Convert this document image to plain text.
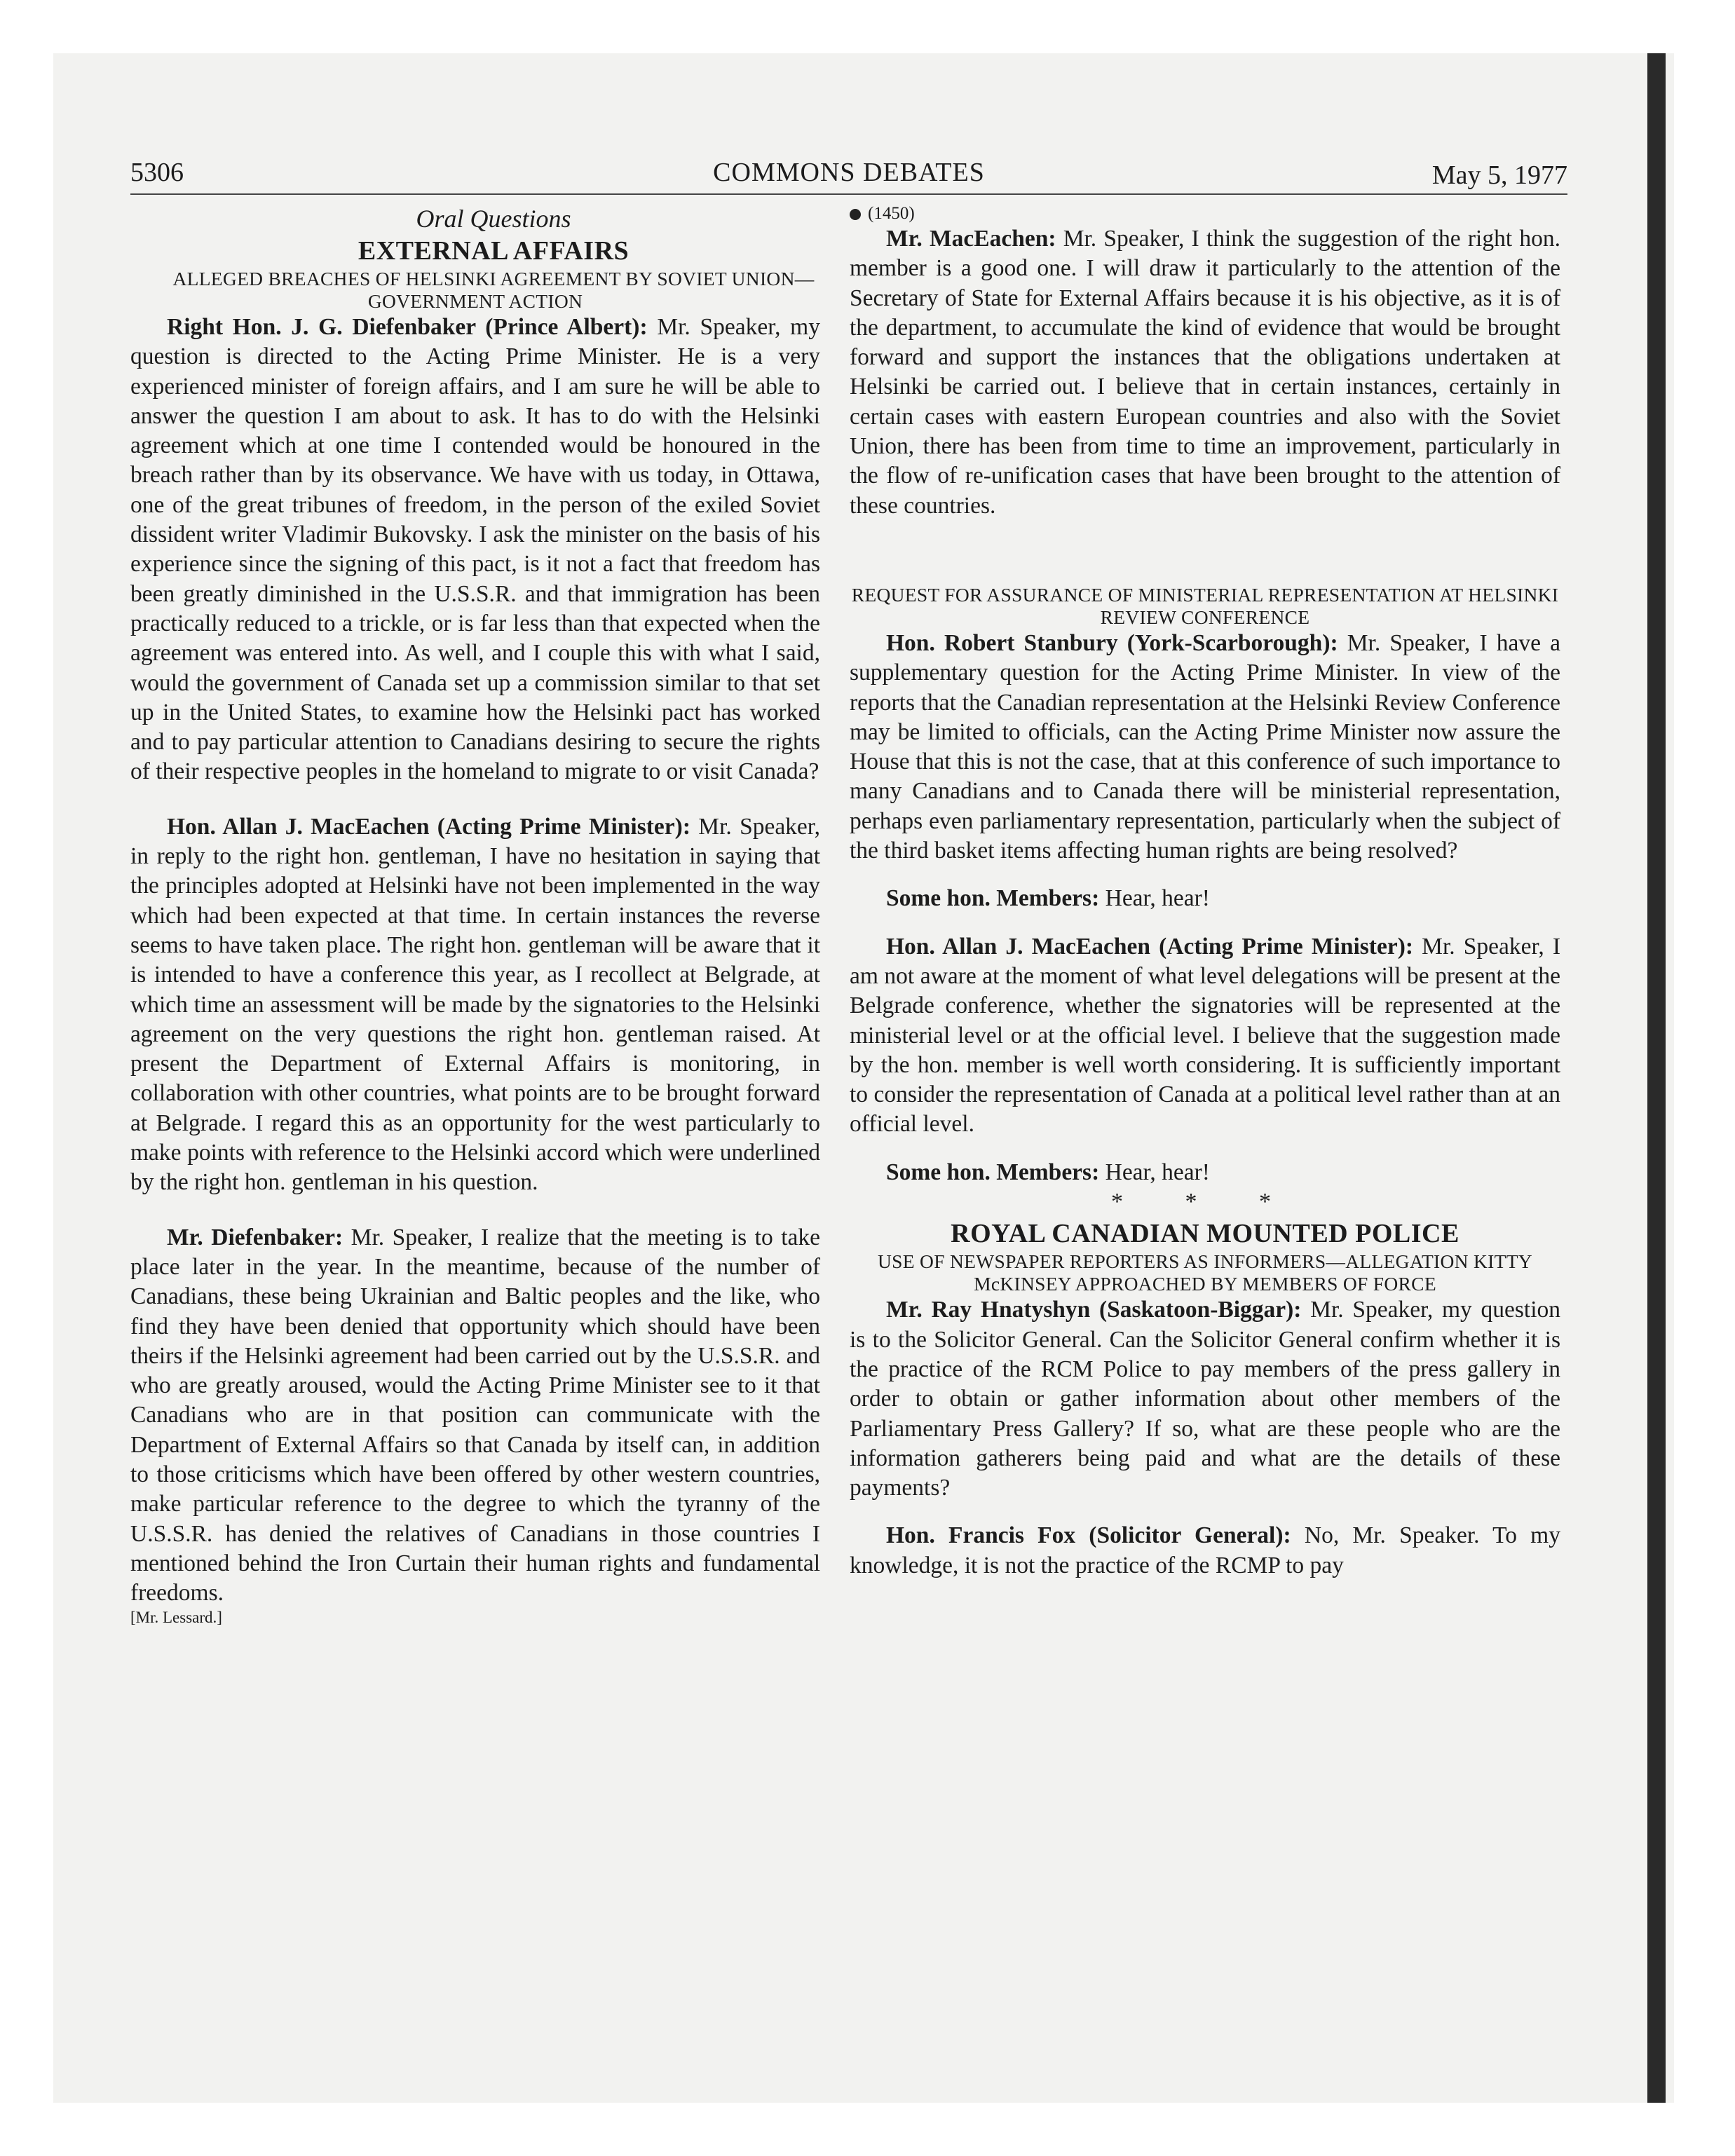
5306	COMMONS DEBATES	May 5, 1977

Oral Questions

EXTERNAL AFFAIRS

ALLEGED BREACHES OF HELSINKI AGREEMENT BY SOVIET UNION—GOVERNMENT ACTION

Right Hon. J. G. Diefenbaker (Prince Albert): Mr. Speaker, my question is directed to the Acting Prime Minister. He is a very experienced minister of foreign affairs, and I am sure he will be able to answer the question I am about to ask. It has to do with the Helsinki agreement which at one time I contended would be honoured in the breach rather than by its observance. We have with us today, in Ottawa, one of the great tribunes of freedom, in the person of the exiled Soviet dissident writer Vladimir Bukovsky. I ask the minister on the basis of his experience since the signing of this pact, is it not a fact that freedom has been greatly diminished in the U.S.S.R. and that immigration has been practically reduced to a trickle, or is far less than that expected when the agreement was entered into. As well, and I couple this with what I said, would the government of Canada set up a commission similar to that set up in the United States, to examine how the Helsinki pact has worked and to pay particular attention to Canadians desiring to secure the rights of their respective peoples in the homeland to migrate to or visit Canada?

Hon. Allan J. MacEachen (Acting Prime Minister): Mr. Speaker, in reply to the right hon. gentleman, I have no hesitation in saying that the principles adopted at Helsinki have not been implemented in the way which had been expected at that time. In certain instances the reverse seems to have taken place. The right hon. gentleman will be aware that it is intended to have a conference this year, as I recollect at Belgrade, at which time an assessment will be made by the signatories to the Helsinki agreement on the very questions the right hon. gentleman raised. At present the Department of External Affairs is monitoring, in collaboration with other countries, what points are to be brought forward at Belgrade. I regard this as an opportunity for the west particularly to make points with reference to the Helsinki accord which were underlined by the right hon. gentleman in his question.

Mr. Diefenbaker: Mr. Speaker, I realize that the meeting is to take place later in the year. In the meantime, because of the number of Canadians, these being Ukrainian and Baltic peoples and the like, who find they have been denied that opportunity which should have been theirs if the Helsinki agreement had been carried out by the U.S.S.R. and who are greatly aroused, would the Acting Prime Minister see to it that Canadians who are in that position can communicate with the Department of External Affairs so that Canada by itself can, in addition to those criticisms which have been offered by other western countries, make particular reference to the degree to which the tyranny of the U.S.S.R. has denied the relatives of Canadians in those countries I mentioned behind the Iron Curtain their human rights and fundamental freedoms.

[Mr. Lessard.]

(1450)

Mr. MacEachen: Mr. Speaker, I think the suggestion of the right hon. member is a good one. I will draw it particularly to the attention of the Secretary of State for External Affairs because it is his objective, as it is of the department, to accumulate the kind of evidence that would be brought forward and support the instances that the obligations undertaken at Helsinki be carried out. I believe that in certain instances, certainly in certain cases with eastern European countries and also with the Soviet Union, there has been from time to time an improvement, particularly in the flow of re-unification cases that have been brought to the attention of these countries.

REQUEST FOR ASSURANCE OF MINISTERIAL REPRESENTATION AT HELSINKI REVIEW CONFERENCE

Hon. Robert Stanbury (York-Scarborough): Mr. Speaker, I have a supplementary question for the Acting Prime Minister. In view of the reports that the Canadian representation at the Helsinki Review Conference may be limited to officials, can the Acting Prime Minister now assure the House that this is not the case, that at this conference of such importance to many Canadians and to Canada there will be ministerial representation, perhaps even parliamentary representation, particularly when the subject of the third basket items affecting human rights are being resolved?

Some hon. Members: Hear, hear!

Hon. Allan J. MacEachen (Acting Prime Minister): Mr. Speaker, I am not aware at the moment of what level delegations will be present at the Belgrade conference, whether the signatories will be represented at the ministerial level or at the official level. I believe that the suggestion made by the hon. member is well worth considering. It is sufficiently important to consider the representation of Canada at a political level rather than at an official level.

Some hon. Members: Hear, hear!

* * *

ROYAL CANADIAN MOUNTED POLICE

USE OF NEWSPAPER REPORTERS AS INFORMERS—ALLEGATION KITTY McKINSEY APPROACHED BY MEMBERS OF FORCE

Mr. Ray Hnatyshyn (Saskatoon-Biggar): Mr. Speaker, my question is to the Solicitor General. Can the Solicitor General confirm whether it is the practice of the RCM Police to pay members of the press gallery in order to obtain or gather information about other members of the Parliamentary Press Gallery? If so, what are these people who are the information gatherers being paid and what are the details of these payments?

Hon. Francis Fox (Solicitor General): No, Mr. Speaker. To my knowledge, it is not the practice of the RCMP to pay
